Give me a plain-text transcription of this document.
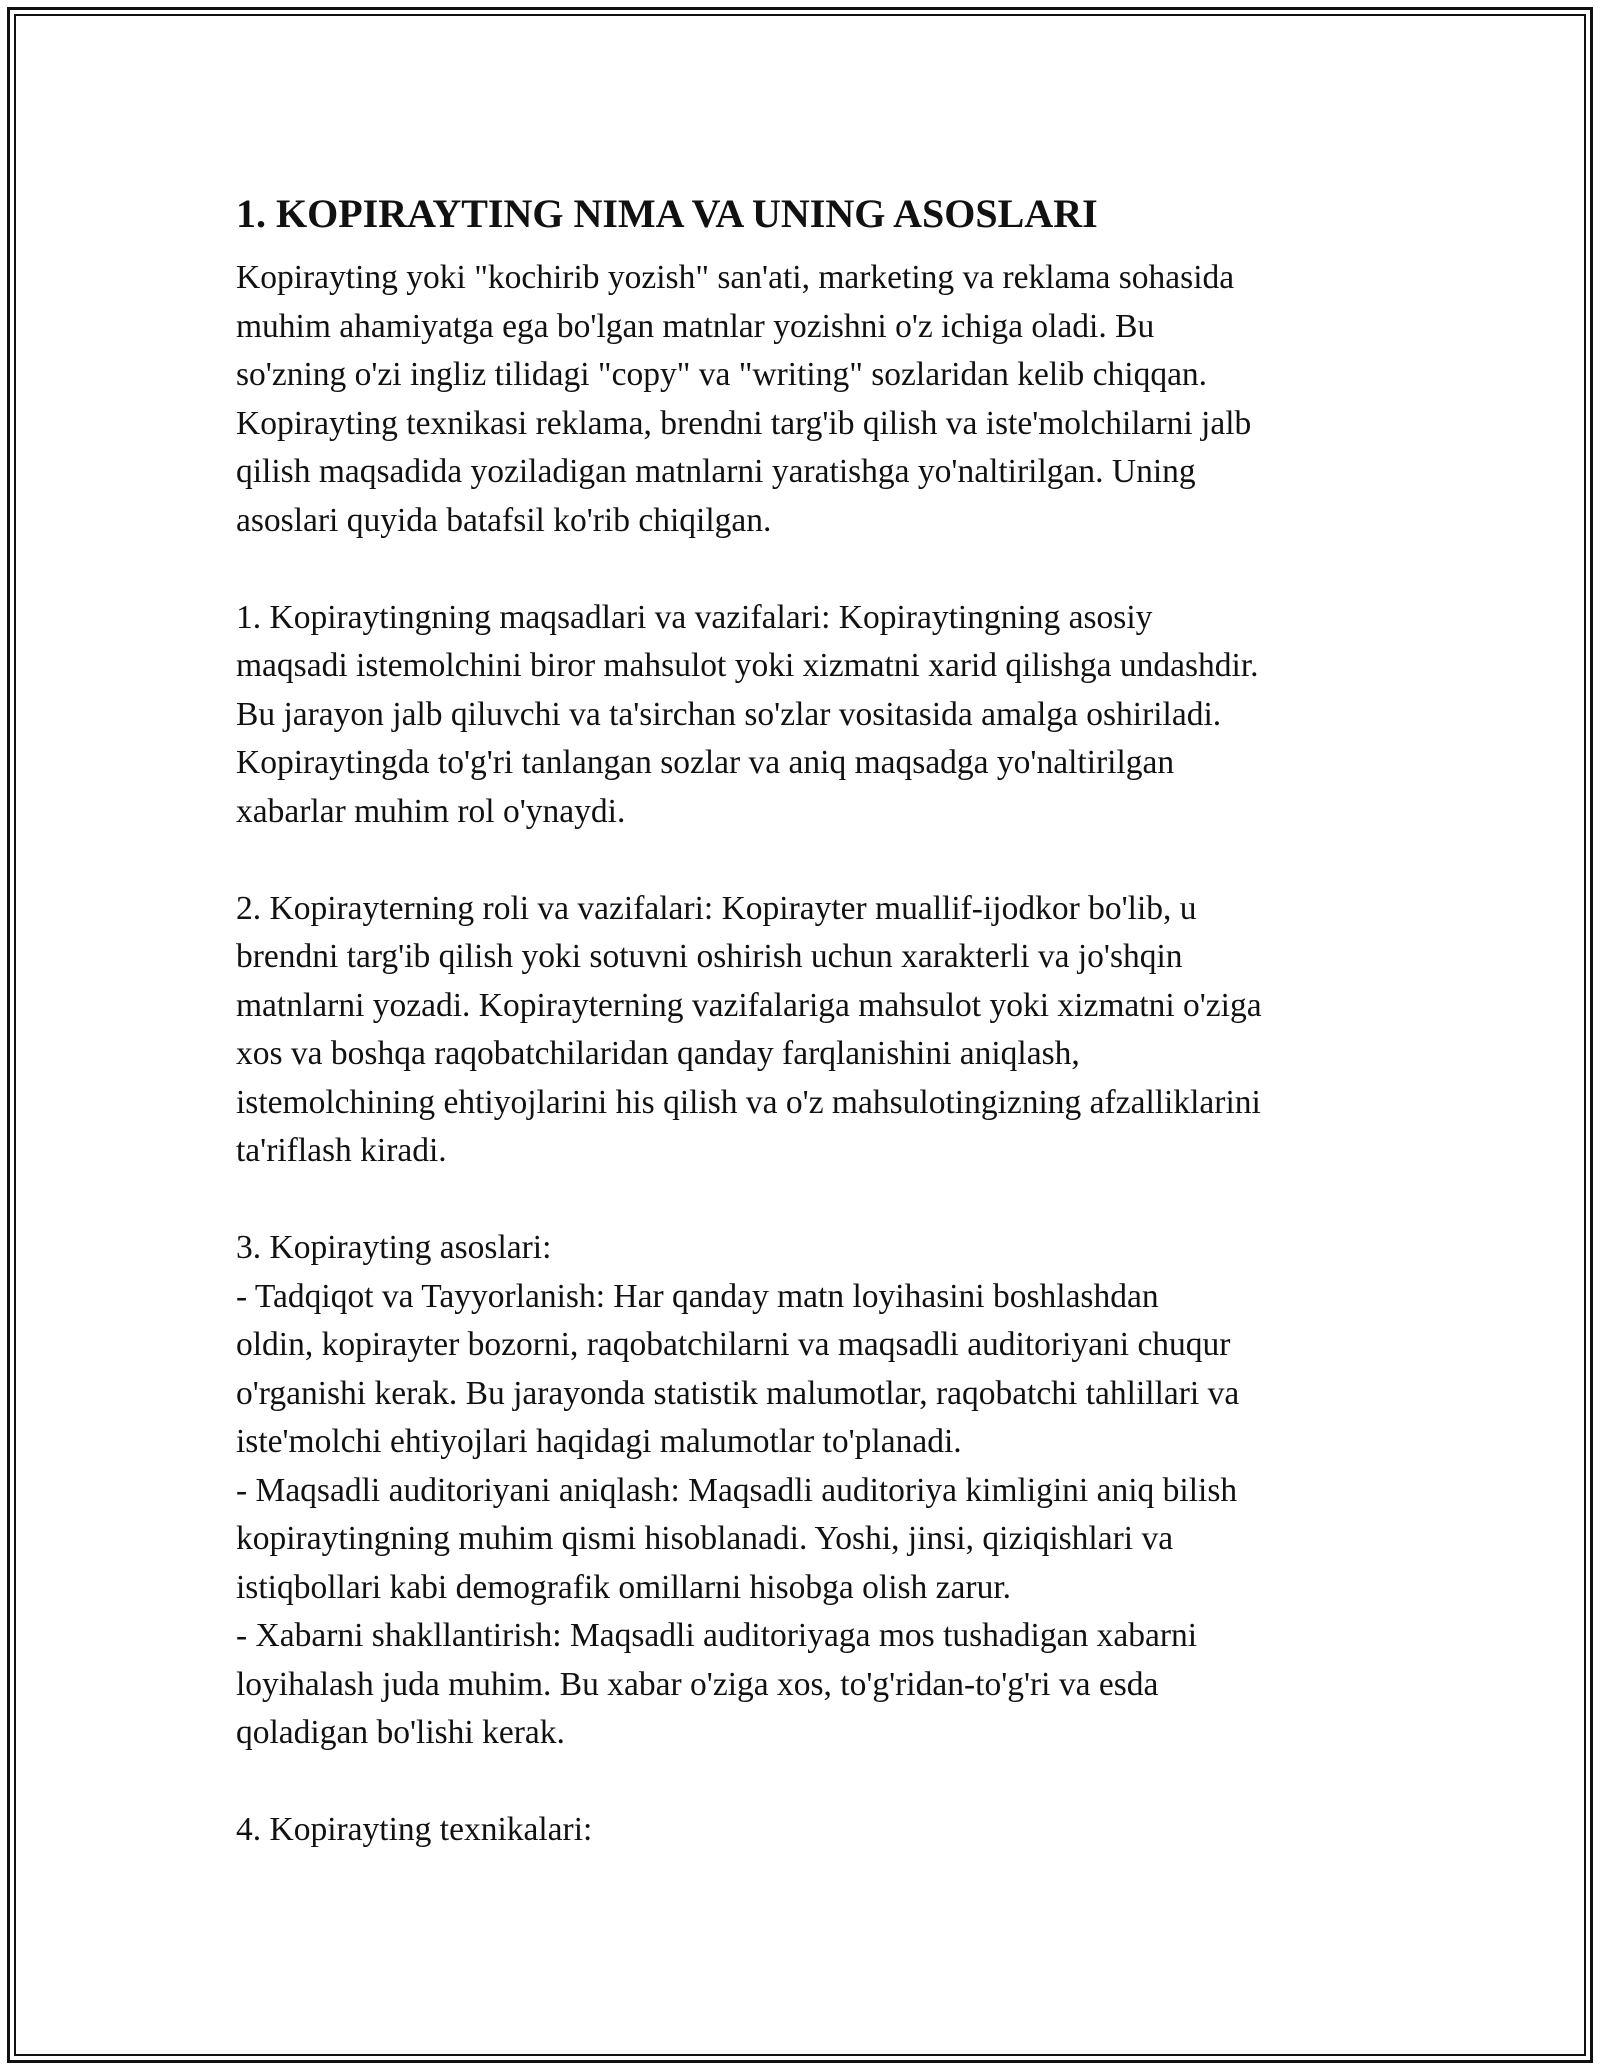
1. KOPIRAYTING NIMA VA UNING ASOSLARI

Kopirayting yoki "kochirib yozish" san'ati, marketing va reklama sohasida
muhim ahamiyatga ega bo'lgan matnlar yozishni o'z ichiga oladi. Bu
so'zning o'zi ingliz tilidagi "copy" va "writing" sozlaridan kelib chiqqan.
Kopirayting texnikasi reklama, brendni targ'ib qilish va iste'molchilarni jalb
qilish maqsadida yoziladigan matnlarni yaratishga yo'naltirilgan. Uning
asoslari quyida batafsil ko'rib chiqilgan.

1. Kopiraytingning maqsadlari va vazifalari: Kopiraytingning asosiy
maqsadi istemolchini biror mahsulot yoki xizmatni xarid qilishga undashdir.
Bu jarayon jalb qiluvchi va ta'sirchan so'zlar vositasida amalga oshiriladi.
Kopiraytingda to'g'ri tanlangan sozlar va aniq maqsadga yo'naltirilgan
xabarlar muhim rol o'ynaydi.

2. Kopirayterning roli va vazifalari: Kopirayter muallif-ijodkor bo'lib, u
brendni targ'ib qilish yoki sotuvni oshirish uchun xarakterli va jo'shqin
matnlarni yozadi. Kopirayterning vazifalariga mahsulot yoki xizmatni o'ziga
xos va boshqa raqobatchilaridan qanday farqlanishini aniqlash,
istemolchining ehtiyojlarini his qilish va o'z mahsulotingizning afzalliklarini
ta'riflash kiradi.

3. Kopirayting asoslari:
- Tadqiqot va Tayyorlanish: Har qanday matn loyihasini boshlashdan
oldin, kopirayter bozorni, raqobatchilarni va maqsadli auditoriyani chuqur
o'rganishi kerak. Bu jarayonda statistik malumotlar, raqobatchi tahlillari va
iste'molchi ehtiyojlari haqidagi malumotlar to'planadi.
- Maqsadli auditoriyani aniqlash: Maqsadli auditoriya kimligini aniq bilish
kopiraytingning muhim qismi hisoblanadi. Yoshi, jinsi, qiziqishlari va
istiqbollari kabi demografik omillarni hisobga olish zarur.
- Xabarni shakllantirish: Maqsadli auditoriyaga mos tushadigan xabarni
loyihalash juda muhim. Bu xabar o'ziga xos, to'g'ridan-to'g'ri va esda
qoladigan bo'lishi kerak.

4. Kopirayting texnikalari:
